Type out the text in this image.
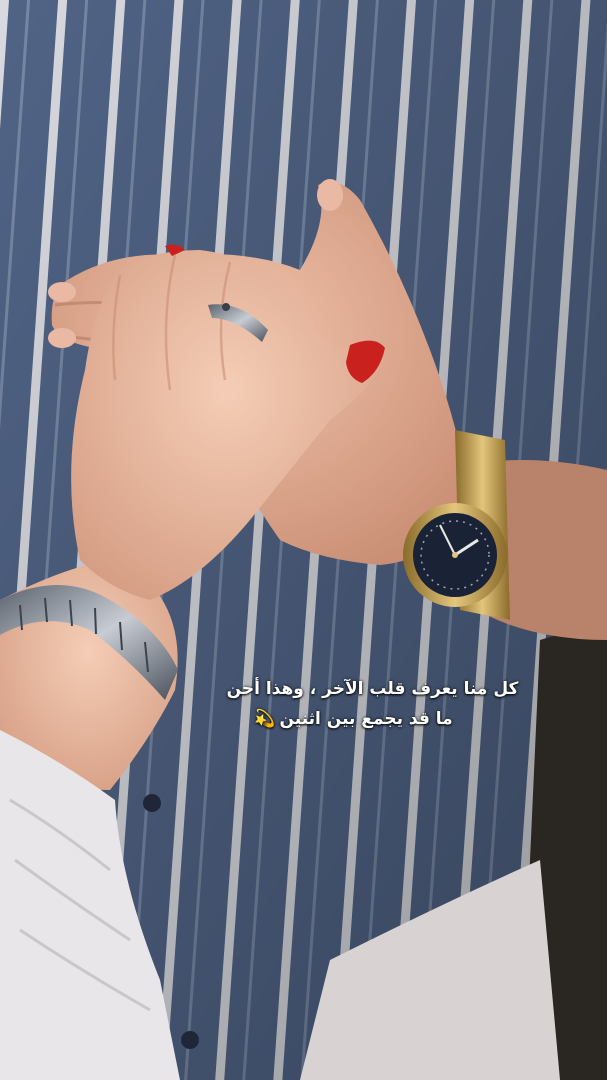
كل منا يعرف قلب الآخر ، وهذا أحن
ما قد يجمع بين اثنين💫
